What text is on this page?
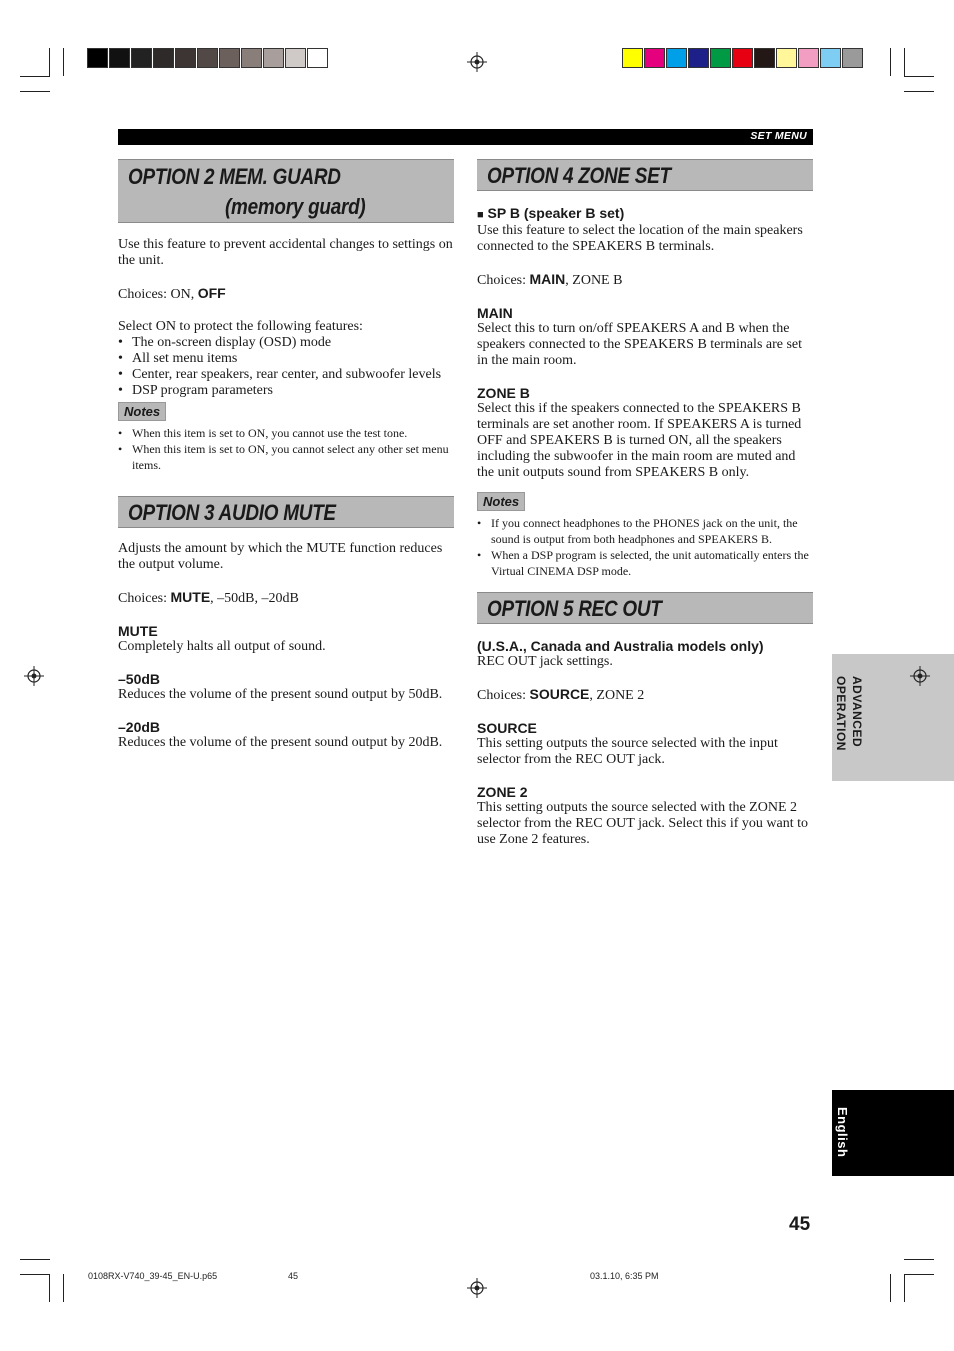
SET MENU
OPTION 2 MEM. GUARD
(memory guard)

Use this feature to prevent accidental changes to settings on the unit.

Choices: ON, OFF

Select ON to protect the following features:

• The on-screen display (OSD) mode
• All set menu items
• Center, rear speakers, rear center, and subwoofer levels
• DSP program parameters
Notes
• When this item is set to ON, you cannot use the test tone.
• When this item is set to ON, you cannot select any other set menu items.
OPTION 3 AUDIO MUTE

Adjusts the amount by which the MUTE function reduces the output volume.

Choices: MUTE, –50dB, –20dB

MUTE

Completely halts all output of sound.

–50dB

Reduces the volume of the present sound output by 50dB.

–20dB

Reduces the volume of the present sound output by 20dB.

OPTION 4 ZONE SET

■ SP B (speaker B set)

Use this feature to select the location of the main speakers connected to the SPEAKERS B terminals.

Choices: MAIN, ZONE B

MAIN

Select this to turn on/off SPEAKERS A and B when the speakers connected to the SPEAKERS B terminals are set in the main room.

ZONE B

Select this if the speakers connected to the SPEAKERS B terminals are set another room. If SPEAKERS A is turned OFF and SPEAKERS B is turned ON, all the speakers including the subwoofer in the main room are muted and the unit outputs sound from SPEAKERS B only.

Notes
• If you connect headphones to the PHONES jack on the unit, the sound is output from both headphones and SPEAKERS B.
• When a DSP program is selected, the unit automatically enters the Virtual CINEMA DSP mode.
OPTION 5 REC OUT

(U.S.A., Canada and Australia models only)

REC OUT jack settings.

Choices: SOURCE, ZONE 2

SOURCE

This setting outputs the source selected with the input selector from the REC OUT jack.

ZONE 2

This setting outputs the source selected with the ZONE 2 selector from the REC OUT jack. Select this if you want to use Zone 2 features.

OPERATION ADVANCED
English
45
0108RX-V740_39-45_EN-U.p65	45	03.1.10, 6:35 PM
